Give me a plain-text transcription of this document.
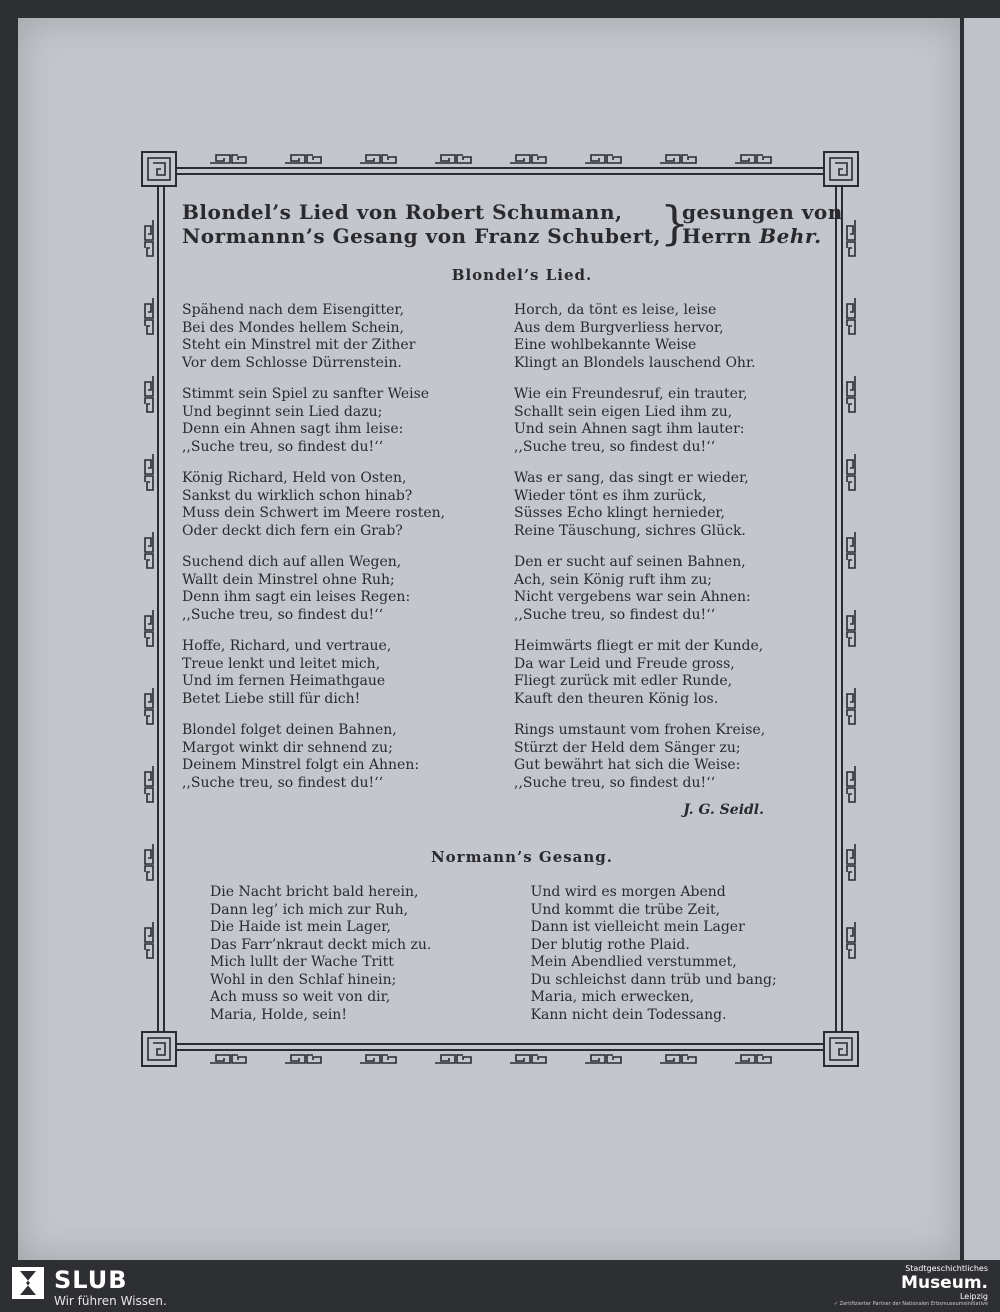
Blondel’s Lied von Robert Schumann,
Normannn’s Gesang von Franz Schubert, }
gesungen von
Herrn Behr.
Blondel’s Lied.
Spähend nach dem Eisengitter,
Bei des Mondes hellem Schein,
Steht ein Minstrel mit der Zither
Vor dem Schlosse Dürrenstein.
Horch, da tönt es leise, leise
Aus dem Burgverliess hervor,
Eine wohlbekannte Weise
Klingt an Blondels lauschend Ohr.
Stimmt sein Spiel zu sanfter Weise
Und beginnt sein Lied dazu;
Denn ein Ahnen sagt ihm leise:
,,Suche treu, so findest du!‘‘
Wie ein Freundesruf, ein trauter,
Schallt sein eigen Lied ihm zu,
Und sein Ahnen sagt ihm lauter:
,,Suche treu, so findest du!‘‘
König Richard, Held von Osten,
Sankst du wirklich schon hinab?
Muss dein Schwert im Meere rosten,
Oder deckt dich fern ein Grab?
Was er sang, das singt er wieder,
Wieder tönt es ihm zurück,
Süsses Echo klingt hernieder,
Reine Täuschung, sichres Glück.
Suchend dich auf allen Wegen,
Wallt dein Minstrel ohne Ruh;
Denn ihm sagt ein leises Regen:
,,Suche treu, so findest du!‘‘
Den er sucht auf seinen Bahnen,
Ach, sein König ruft ihm zu;
Nicht vergebens war sein Ahnen:
,,Suche treu, so findest du!‘‘
Hoffe, Richard, und vertraue,
Treue lenkt und leitet mich,
Und im fernen Heimathgaue
Betet Liebe still für dich!
Heimwärts fliegt er mit der Kunde,
Da war Leid und Freude gross,
Fliegt zurück mit edler Runde,
Kauft den theuren König los.
Blondel folget deinen Bahnen,
Margot winkt dir sehnend zu;
Deinem Minstrel folgt ein Ahnen:
,,Suche treu, so findest du!‘‘
Rings umstaunt vom frohen Kreise,
Stürzt der Held dem Sänger zu;
Gut bewährt hat sich die Weise:
,,Suche treu, so findest du!‘‘
J. G. Seidl.
Normann’s Gesang.
Die Nacht bricht bald herein,
Dann leg’ ich mich zur Ruh,
Die Haide ist mein Lager,
Das Farr’nkraut deckt mich zu.
Mich lullt der Wache Tritt
Wohl in den Schlaf hinein;
Ach muss so weit von dir,
Maria, Holde, sein!
Und wird es morgen Abend
Und kommt die trübe Zeit,
Dann ist vielleicht mein Lager
Der blutig rothe Plaid.
Mein Abendlied verstummet,
Du schleichst dann trüb und bang;
Maria, mich erwecken,
Kann nicht dein Todessang.
SLUB
Wir führen Wissen.
Stadtgeschichtliches
Museum.
Leipzig
✓ Zertifizierter Partner der Nationalen Erbsmuseumsinitiative
